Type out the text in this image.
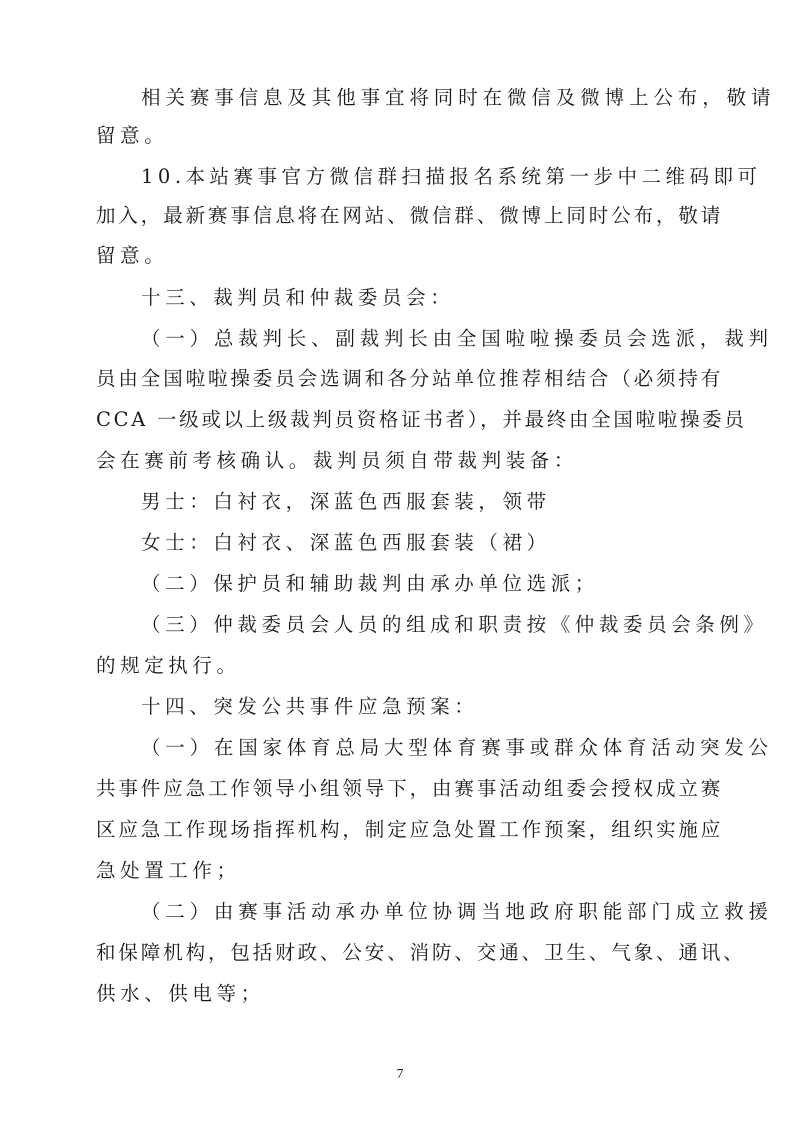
相关赛事信息及其他事宜将同时在微信及微博上公布，敬请
留意。
10.本站赛事官方微信群扫描报名系统第一步中二维码即可
加入，最新赛事信息将在网站、微信群、微博上同时公布，敬请
留意。
十三、裁判员和仲裁委员会：
（一）总裁判长、副裁判长由全国啦啦操委员会选派，裁判
员由全国啦啦操委员会选调和各分站单位推荐相结合（必须持有
CCA 一级或以上级裁判员资格证书者），并最终由全国啦啦操委员
会在赛前考核确认。裁判员须自带裁判装备：
男士：白衬衣，深蓝色西服套装，领带
女士：白衬衣、深蓝色西服套装（裙）
（二）保护员和辅助裁判由承办单位选派；
（三）仲裁委员会人员的组成和职责按《仲裁委员会条例》
的规定执行。
十四、突发公共事件应急预案：
（一）在国家体育总局大型体育赛事或群众体育活动突发公
共事件应急工作领导小组领导下，由赛事活动组委会授权成立赛
区应急工作现场指挥机构，制定应急处置工作预案，组织实施应
急处置工作；
（二）由赛事活动承办单位协调当地政府职能部门成立救援
和保障机构，包括财政、公安、消防、交通、卫生、气象、通讯、
供水、供电等；
7
